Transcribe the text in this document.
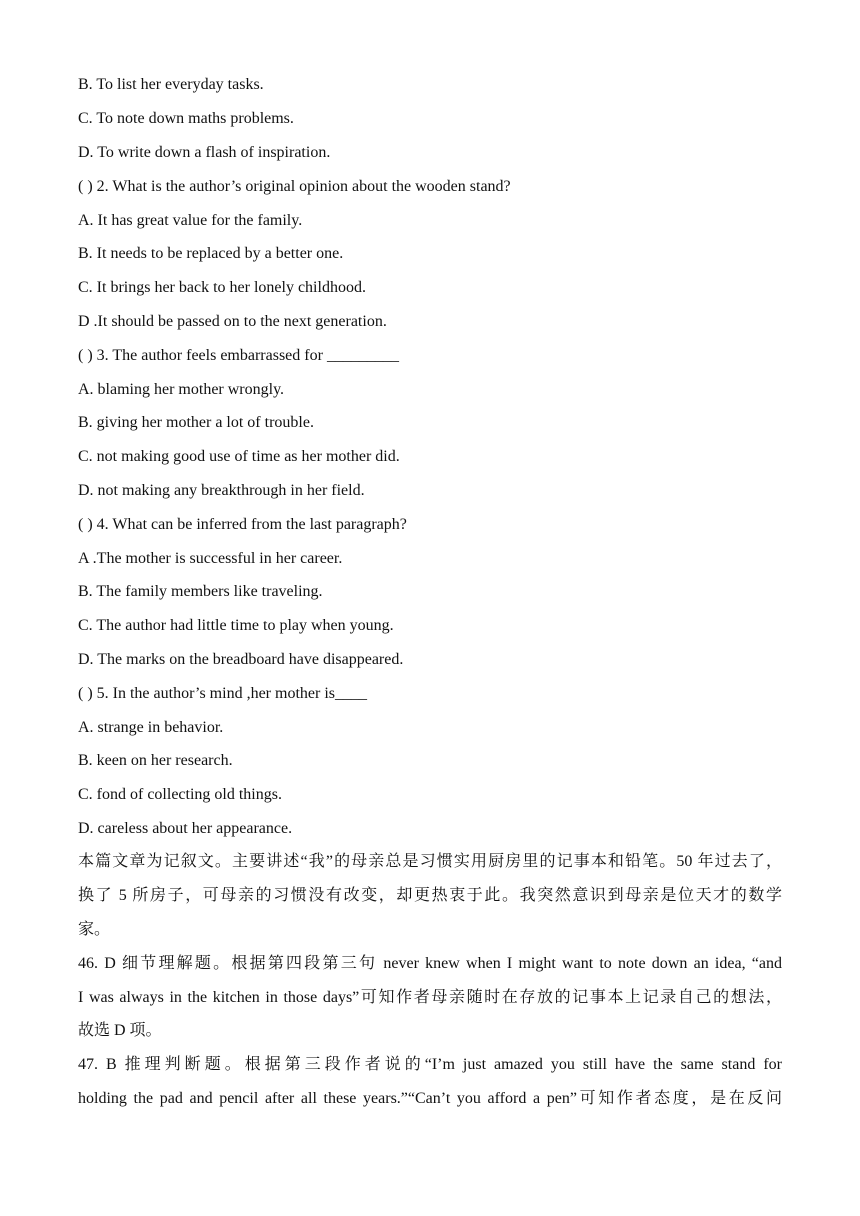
B. To list her everyday tasks.
C. To note down maths problems.
D. To write down a flash of inspiration.
( ) 2. What is the author’s original opinion about the wooden stand?
A. It has great value for the family.
B. It needs to be replaced by a better one.
C. It brings her back to her lonely childhood.
D .It should be passed on to the next generation.
( ) 3. The author feels embarrassed for _________
A. blaming her mother wrongly.
B. giving her mother a lot of trouble.
C. not making good use of time as her mother did.
D. not making any breakthrough in her field.
( ) 4. What can be inferred from the last paragraph?
A .The mother is successful in her career.
B. The family members like traveling.
C. The author had little time to play when young.
D. The marks on the breadboard have disappeared.
( ) 5. In the author’s mind ,her mother is____
A. strange in behavior.
B. keen on her research.
C. fond of collecting old things.
D. careless about her appearance.
本篇文章为记叙文。主要讲述“我”的母亲总是习惯实用厨房里的记事本和铅笔。50 年过去了，
换了 5 所房子，可母亲的习惯没有改变，却更热衷于此。我突然意识到母亲是位天才的数学
家。
46. D 细节理解题。根据第四段第三句 never knew when I might want to note down an idea, “and
I was always in the kitchen in those days”可知作者母亲随时在存放的记事本上记录自己的想法，
故选 D 项。
47. B 推理判断题。根据第三段作者说的“I’m just amazed you still have the same stand for
holding the pad and pencil after all these years.”“Can’t you afford a pen”可知作者态度，是在反问
